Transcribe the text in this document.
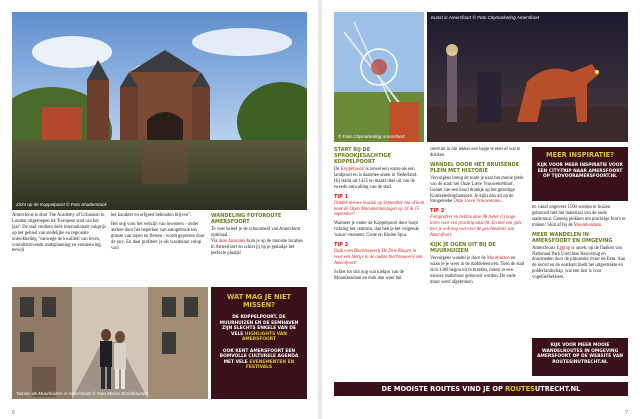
Zicht op de Koppelpoort © Foto Shutterstock

Amersfoort is door The Academy of Urbanism in Londen uitgeroepen tot 'Europese stad van het jaar'. De stad verdient deze internationale vakprijs op het gebied van stedelijke en regionale ontwikkeling "vanwege de kwaliteit van leven, voorultstrevende stadsplanning en vernieuwing, terwijl

het karakter en erfgoed behouden blijven".

Het oog voor het welzijn van inwoners - onder andere door het beperken van autogebruik ten gunste van lopen en fietsen - wordt geprezen door de jury. En daar profiteer je als wandelaar volop van!

WANDELING FOTOROUTE AMERSFOORT

Te voet beleef je de schoonheid van Amersfoort optimaal.
Via deze fotoroute kom je op de mooiste locaties in Amersfoort en schiet jij op je gemakje het perfecte plaatje!

Tussen de Muurhuizen in Amersfoort © Foto Marco Brockhausen
WAT MAG JE NIET MISSEN?
DE KOPPELPOORT, DE MUURHUIZEN EN DE EEMHAVEN ZIJN SLECHTS ENKELE VAN DE VELE HIGHLIGHTS VAN AMERSFOORT

OOK KENT AMERSFOORT EEN BOMVOLLE CULTURELE AGENDA MET VELE EVENEMENTEN EN FESTIVALS
6
© Foto Citymarketing Amersfoort
Kunst in Amersfoort © Foto Citymarketing Amersfoort
START BIJ DE SPROOKJESACHTIGE KOPPELPOORT

De Koppelpoort is zowel een water-als een landpoort en is daarmee uniek in Nederland. Hij stamt uit 1425 en maakt deel uit van de tweede omwalling van de stad.

TIP 1

Ontdek nieuwe muziek op September-ma of kom naar de Open Monumentendagen op 14 & 15 september!

Wanneer je onder de Koppelpoort door loopt richting het centrum, dan heb je het volgende 'wauw'-moment: Grote en Kleine Spui.

TIP 2

Duik even Bierbrouwerij De Drie Ringen in voor een biertje in de oudste bierbrouwerij van Amersfoort!

Schiet tot slot nog wat kiekjes van de Monnikendam en duik dan weer het

centrum in om lekker een hapje te eten of wat te drinken.

WANDEL DOOR HET BRUISENDE PLEIN MET HISTORIE

Vervolgens breng de route je naar het mooie plein van de stad: het Onze Lieve Vrouwekerkhof. Geniet van een koud drankje op het gezellige Krankeledenplantsoen. Je kijkt dan uit op de fotogenieke Onze Lieve Vrouwetoren.

TIP 3

Fotografeer en beklim deze 98 meter (!) hoge toren voor een prachtig uitzicht. En met een gids leer je ook nog wat over de geschiedenis van Amersfoort.

KIJK JE OGEN UIT BIJ DE MUURHUIZEN

Vervolgens wandel je door de Muurhuizen en waan je je weer in de middeleeuwen. Toen de stad zich 1380 begon uit te breiden, moest er een nieuwe stadsmuur gebouwd worden. De oude muur werd afgebroken

MEER INSPIRATIE?
KIJK VOOR MEER INSPIRATIE VOOR EEN CITY-TRIP NAAR AMERSFOORT OP TIJDVOORAMERSFOORT.NL

en vanaf ongeveer 1500 werden er huizen gebouwd met het materiaal van de oude stadsmuur. Geneeg plekken om prachtige foto's te maken! Sluit af bij de Monnikendam.

MEER WANDELEN IN AMERSFOORT EN OMGEVING

Amersfoorts Egging is uniek: op de flanken van Nationaal Park Utrechtse Heuvelrug en doorsneden door de pittoreske rivier de Eem. Aan de noord en de oostkant biedt het uitgestrekte en polderlandschap, wat een lust is voor vogelliefhebbers.

KIJK VOOR MEER MOOIE WANDELROUTES IN OMGEVING AMERSFOORT OP DE WEBSITE VAN ROUTESINUTRECHT.NL
7
DE MOOISTE ROUTES VIND JE OP ROUTESUTRECHT.NL
